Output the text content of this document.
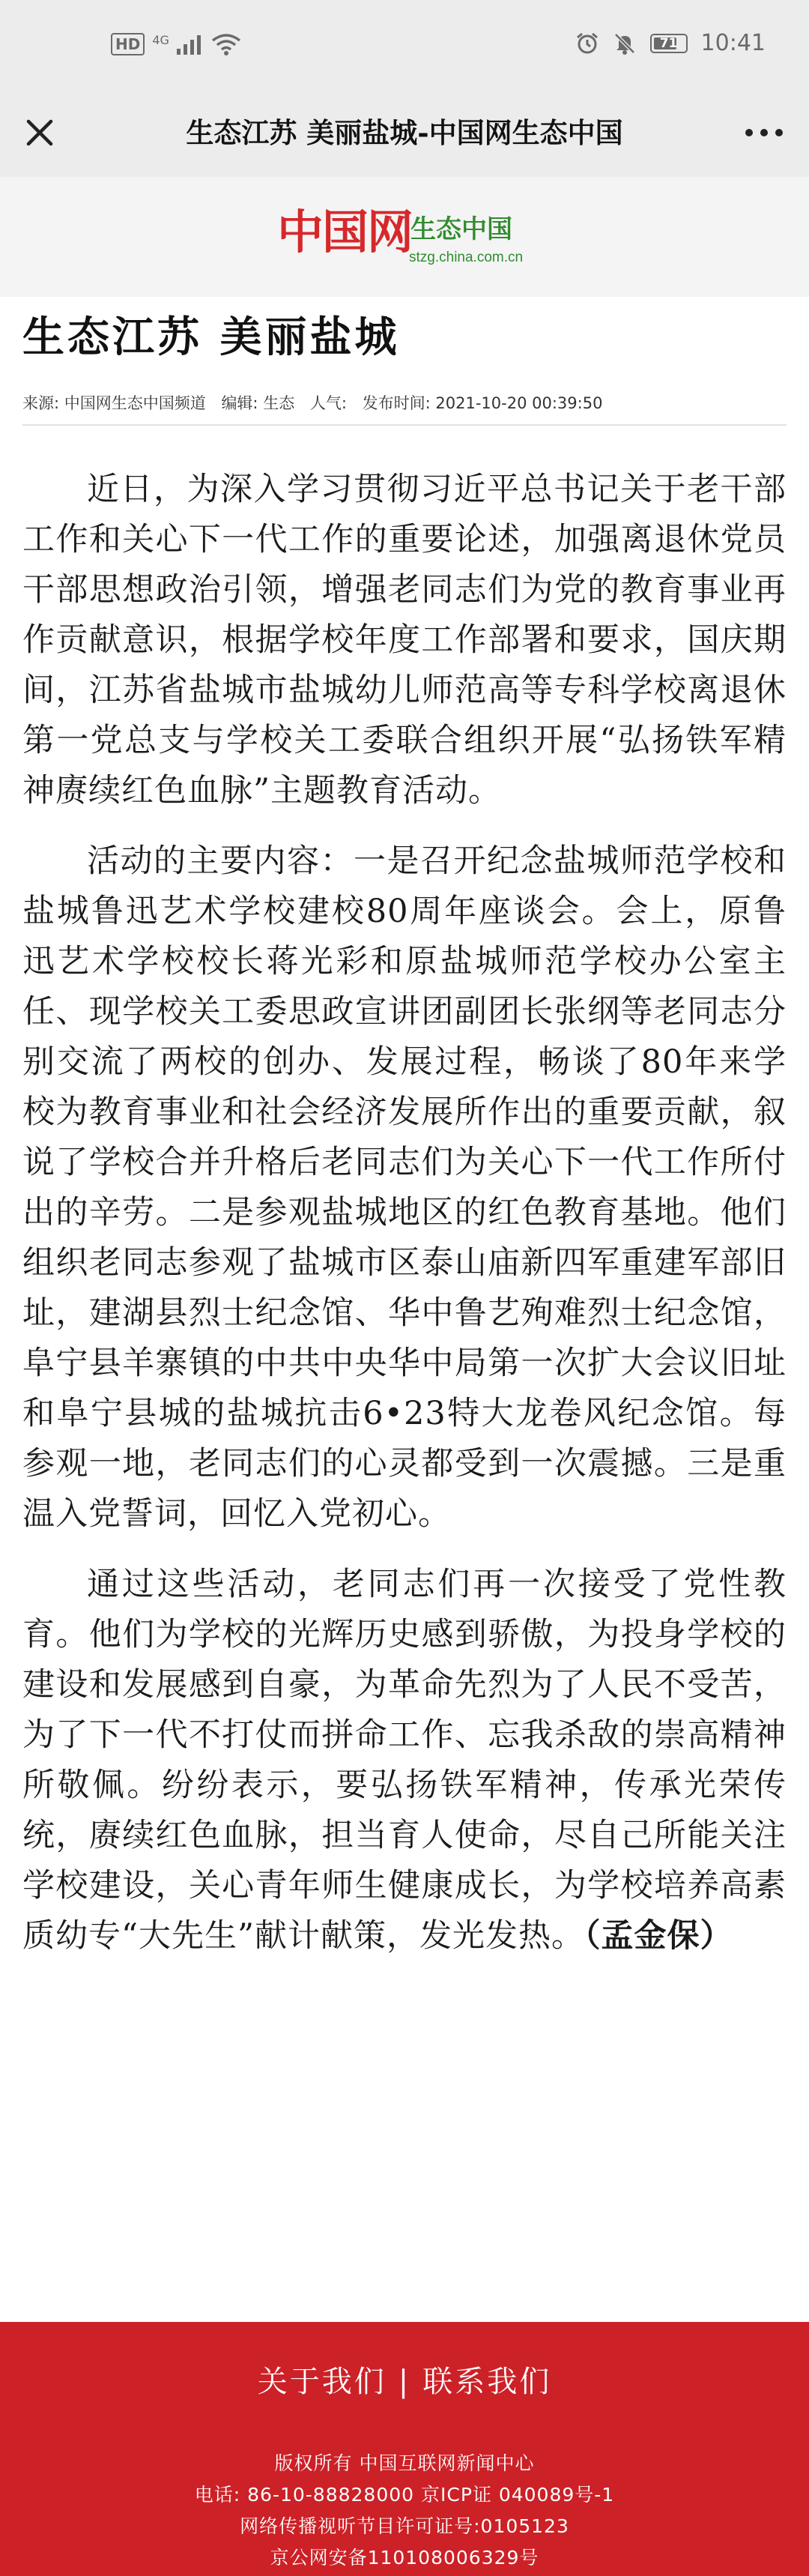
HD	4G	71	10:41
生态江苏 美丽盐城-中国网生态中国
中国网
生态中国
stzg.china.com.cn
生态江苏 美丽盐城
来源: 中国网生态中国频道 编辑: 生态 人气: 发布时间: 2021-10-20 00:39:50

近日，为深入学习贯彻习近平总书记关于老干部工作和关心下一代工作的重要论述，加强离退休党员干部思想政治引领，增强老同志们为党的教育事业再作贡献意识，根据学校年度工作部署和要求，国庆期间，江苏省盐城市盐城幼儿师范高等专科学校离退休第一党总支与学校关工委联合组织开展“弘扬铁军精神赓续红色血脉”主题教育活动。

活动的主要内容：一是召开纪念盐城师范学校和盐城鲁迅艺术学校建校80周年座谈会。会上，原鲁迅艺术学校校长蒋光彩和原盐城师范学校办公室主任、现学校关工委思政宣讲团副团长张纲等老同志分别交流了两校的创办、发展过程，畅谈了80年来学校为教育事业和社会经济发展所作出的重要贡献，叙说了学校合并升格后老同志们为关心下一代工作所付出的辛劳。二是参观盐城地区的红色教育基地。他们组织老同志参观了盐城市区泰山庙新四军重建军部旧址，建湖县烈士纪念馆、华中鲁艺殉难烈士纪念馆，阜宁县羊寨镇的中共中央华中局第一次扩大会议旧址和阜宁县城的盐城抗击6•23特大龙卷风纪念馆。每参观一地，老同志们的心灵都受到一次震撼。三是重温入党誓词，回忆入党初心。

通过这些活动，老同志们再一次接受了党性教育。他们为学校的光辉历史感到骄傲，为投身学校的建设和发展感到自豪，为革命先烈为了人民不受苦，为了下一代不打仗而拼命工作、忘我杀敌的崇高精神所敬佩。纷纷表示，要弘扬铁军精神，传承光荣传统，赓续红色血脉，担当育人使命，尽自己所能关注学校建设，关心青年师生健康成长，为学校培养高素质幼专“大先生”献计献策，发光发热。（孟金保）

关于我们 | 联系我们
版权所有 中国互联网新闻中心
电话: 86-10-88828000 京ICP证 040089号-1
网络传播视听节目许可证号:0105123
京公网安备110108006329号
